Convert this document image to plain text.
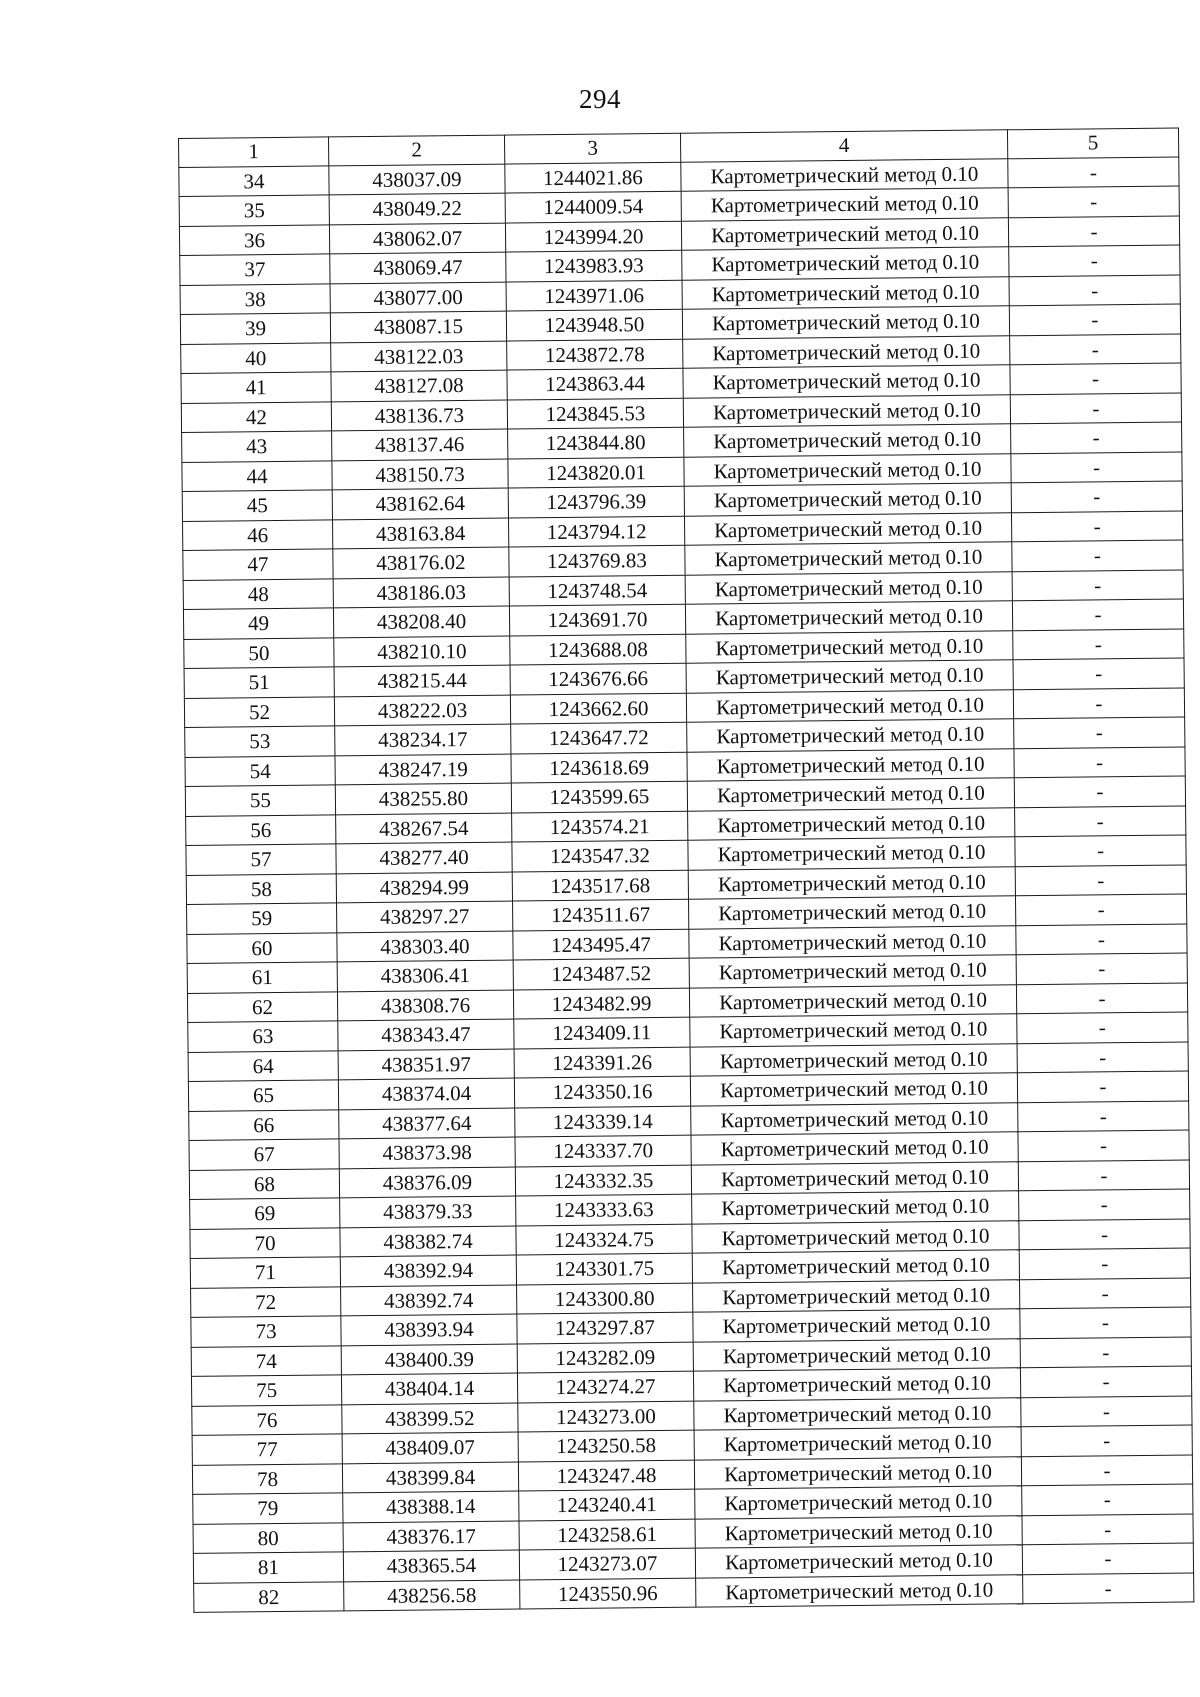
294
1	2	3	4	5
34	438037.09	1244021.86	Картометрический метод 0.10	-
35	438049.22	1244009.54	Картометрический метод 0.10	-
36	438062.07	1243994.20	Картометрический метод 0.10	-
37	438069.47	1243983.93	Картометрический метод 0.10	-
38	438077.00	1243971.06	Картометрический метод 0.10	-
39	438087.15	1243948.50	Картометрический метод 0.10	-
40	438122.03	1243872.78	Картометрический метод 0.10	-
41	438127.08	1243863.44	Картометрический метод 0.10	-
42	438136.73	1243845.53	Картометрический метод 0.10	-
43	438137.46	1243844.80	Картометрический метод 0.10	-
44	438150.73	1243820.01	Картометрический метод 0.10	-
45	438162.64	1243796.39	Картометрический метод 0.10	-
46	438163.84	1243794.12	Картометрический метод 0.10	-
47	438176.02	1243769.83	Картометрический метод 0.10	-
48	438186.03	1243748.54	Картометрический метод 0.10	-
49	438208.40	1243691.70	Картометрический метод 0.10	-
50	438210.10	1243688.08	Картометрический метод 0.10	-
51	438215.44	1243676.66	Картометрический метод 0.10	-
52	438222.03	1243662.60	Картометрический метод 0.10	-
53	438234.17	1243647.72	Картометрический метод 0.10	-
54	438247.19	1243618.69	Картометрический метод 0.10	-
55	438255.80	1243599.65	Картометрический метод 0.10	-
56	438267.54	1243574.21	Картометрический метод 0.10	-
57	438277.40	1243547.32	Картометрический метод 0.10	-
58	438294.99	1243517.68	Картометрический метод 0.10	-
59	438297.27	1243511.67	Картометрический метод 0.10	-
60	438303.40	1243495.47	Картометрический метод 0.10	-
61	438306.41	1243487.52	Картометрический метод 0.10	-
62	438308.76	1243482.99	Картометрический метод 0.10	-
63	438343.47	1243409.11	Картометрический метод 0.10	-
64	438351.97	1243391.26	Картометрический метод 0.10	-
65	438374.04	1243350.16	Картометрический метод 0.10	-
66	438377.64	1243339.14	Картометрический метод 0.10	-
67	438373.98	1243337.70	Картометрический метод 0.10	-
68	438376.09	1243332.35	Картометрический метод 0.10	-
69	438379.33	1243333.63	Картометрический метод 0.10	-
70	438382.74	1243324.75	Картометрический метод 0.10	-
71	438392.94	1243301.75	Картометрический метод 0.10	-
72	438392.74	1243300.80	Картометрический метод 0.10	-
73	438393.94	1243297.87	Картометрический метод 0.10	-
74	438400.39	1243282.09	Картометрический метод 0.10	-
75	438404.14	1243274.27	Картометрический метод 0.10	-
76	438399.52	1243273.00	Картометрический метод 0.10	-
77	438409.07	1243250.58	Картометрический метод 0.10	-
78	438399.84	1243247.48	Картометрический метод 0.10	-
79	438388.14	1243240.41	Картометрический метод 0.10	-
80	438376.17	1243258.61	Картометрический метод 0.10	-
81	438365.54	1243273.07	Картометрический метод 0.10	-
82	438256.58	1243550.96	Картометрический метод 0.10	-
